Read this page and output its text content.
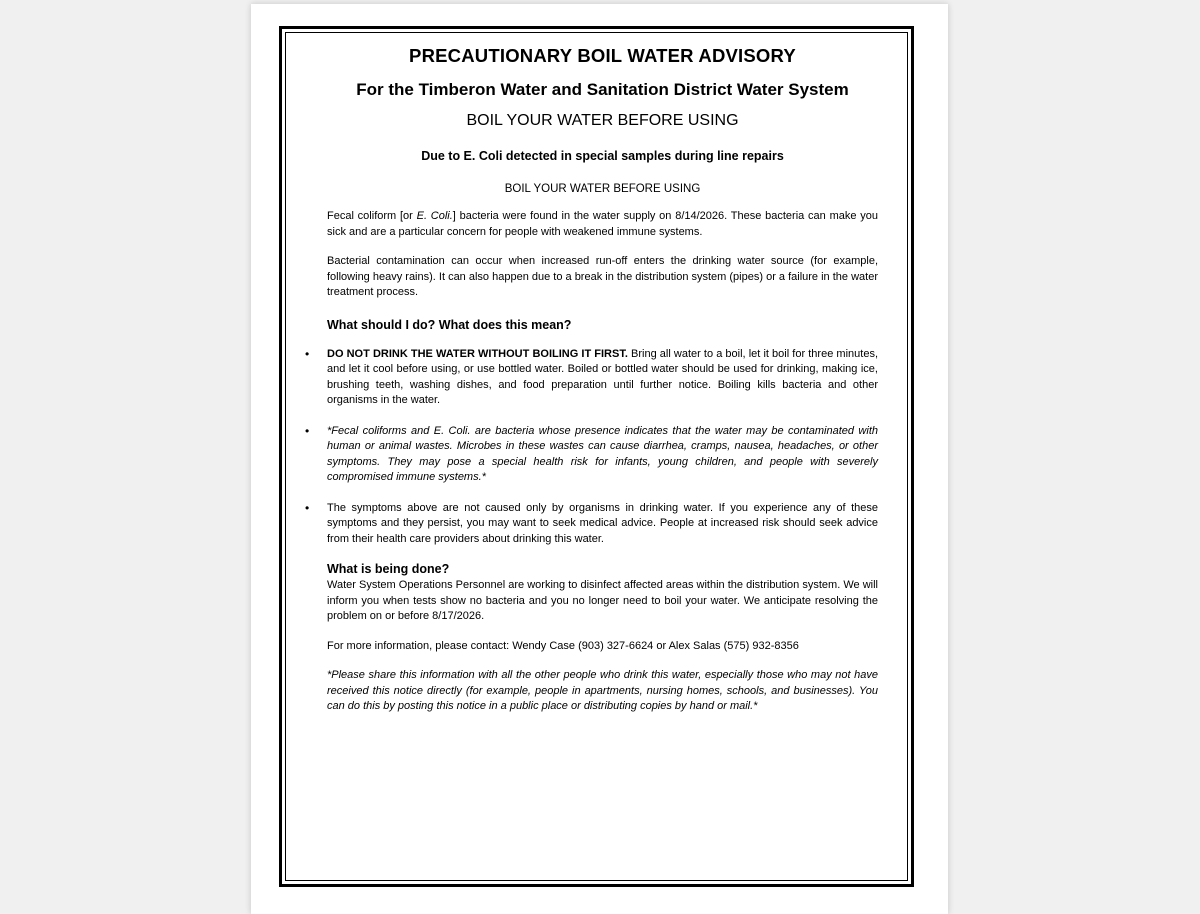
PRECAUTIONARY BOIL WATER ADVISORY
For the Timberon Water and Sanitation District Water System
BOIL YOUR WATER BEFORE USING
Due to E. Coli detected in special samples during line repairs
BOIL YOUR WATER BEFORE USING

Fecal coliform [or E. Coli.] bacteria were found in the water supply on 8/14/2026. These bacteria can make you sick and are a particular concern for people with weakened immune systems.

Bacterial contamination can occur when increased run-off enters the drinking water source (for example, following heavy rains). It can also happen due to a break in the distribution system (pipes) or a failure in the water treatment process.

What should I do? What does this mean?
• DO NOT DRINK THE WATER WITHOUT BOILING IT FIRST. Bring all water to a boil, let it boil for three minutes, and let it cool before using, or use bottled water. Boiled or bottled water should be used for drinking, making ice, brushing teeth, washing dishes, and food preparation until further notice. Boiling kills bacteria and other organisms in the water.
• *Fecal coliforms and E. Coli. are bacteria whose presence indicates that the water may be contaminated with human or animal wastes. Microbes in these wastes can cause diarrhea, cramps, nausea, headaches, or other symptoms. They may pose a special health risk for infants, young children, and people with severely compromised immune systems.*
• The symptoms above are not caused only by organisms in drinking water. If you experience any of these symptoms and they persist, you may want to seek medical advice. People at increased risk should seek advice from their health care providers about drinking this water.
What is being done?

Water System Operations Personnel are working to disinfect affected areas within the distribution system. We will inform you when tests show no bacteria and you no longer need to boil your water. We anticipate resolving the problem on or before 8/17/2026.

For more information, please contact: Wendy Case (903) 327-6624 or Alex Salas (575) 932-8356

*Please share this information with all the other people who drink this water, especially those who may not have received this notice directly (for example, people in apartments, nursing homes, schools, and businesses). You can do this by posting this notice in a public place or distributing copies by hand or mail.*
